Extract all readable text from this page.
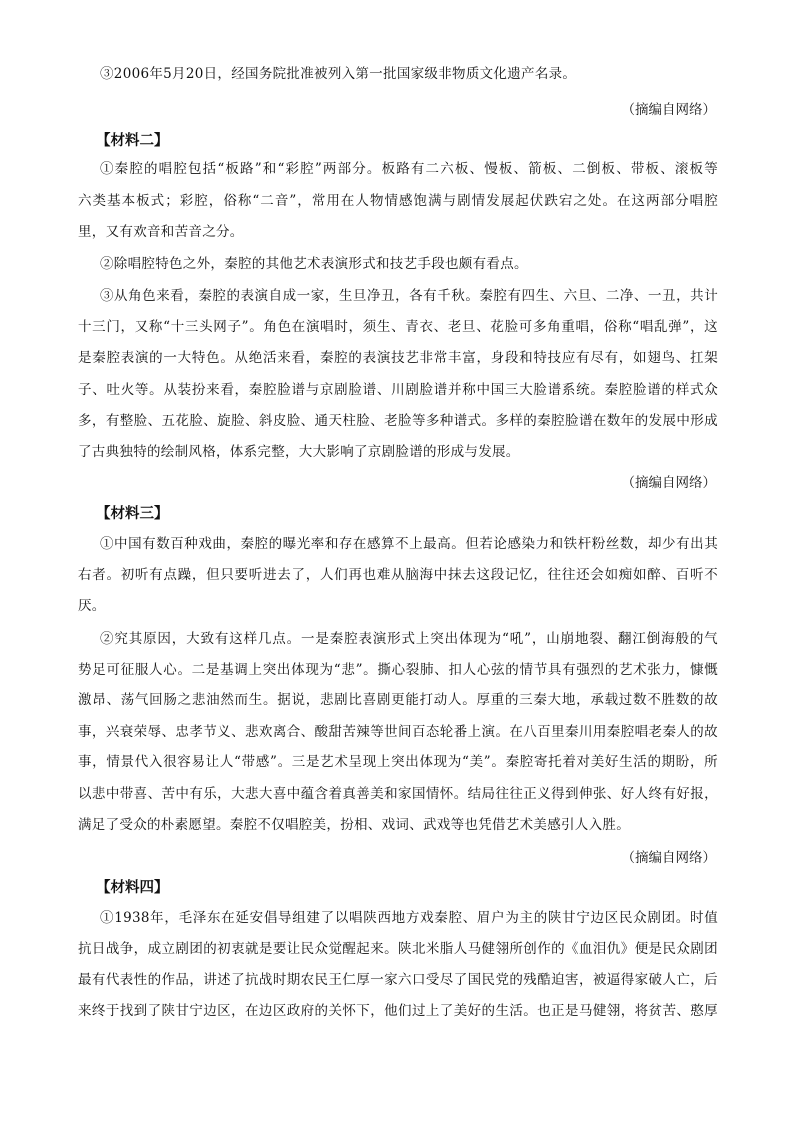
③2006年5月20日，经国务院批准被列入第一批国家级非物质文化遗产名录。
（摘编自网络）
【材料二】
①秦腔的唱腔包括“板路”和“彩腔”两部分。板路有二六板、慢板、箭板、二倒板、带板、滚板等
六类基本板式；彩腔，俗称“二音”，常用在人物情感饱满与剧情发展起伏跌宕之处。在这两部分唱腔
里，又有欢音和苦音之分。
②除唱腔特色之外，秦腔的其他艺术表演形式和技艺手段也颇有看点。
③从角色来看，秦腔的表演自成一家，生旦净丑，各有千秋。秦腔有四生、六旦、二净、一丑，共计
十三门，又称“十三头网子”。角色在演唱时，须生、青衣、老旦、花脸可多角重唱，俗称“唱乱弹”，这
是秦腔表演的一大特色。从绝活来看，秦腔的表演技艺非常丰富，身段和特技应有尽有，如翅鸟、扛架
子、吐火等。从装扮来看，秦腔脸谱与京剧脸谱、川剧脸谱并称中国三大脸谱系统。秦腔脸谱的样式众
多，有整脸、五花脸、旋脸、斜皮脸、通天柱脸、老脸等多种谱式。多样的秦腔脸谱在数年的发展中形成
了古典独特的绘制风格，体系完整，大大影响了京剧脸谱的形成与发展。
（摘编自网络）
【材料三】
①中国有数百种戏曲，秦腔的曝光率和存在感算不上最高。但若论感染力和铁杆粉丝数，却少有出其
右者。初听有点躁，但只要听进去了，人们再也难从脑海中抹去这段记忆，往往还会如痴如醉、百听不
厌。
②究其原因，大致有这样几点。一是秦腔表演形式上突出体现为“吼”，山崩地裂、翻江倒海般的气
势足可征服人心。二是基调上突出体现为“悲”。撕心裂肺、扣人心弦的情节具有强烈的艺术张力，慷慨
激昂、荡气回肠之悲油然而生。据说，悲剧比喜剧更能打动人。厚重的三秦大地，承载过数不胜数的故
事，兴衰荣辱、忠孝节义、悲欢离合、酸甜苦辣等世间百态轮番上演。在八百里秦川用秦腔唱老秦人的故
事，情景代入很容易让人“带感”。三是艺术呈现上突出体现为“美”。秦腔寄托着对美好生活的期盼，所
以悲中带喜、苦中有乐，大悲大喜中蕴含着真善美和家国情怀。结局往往正义得到伸张、好人终有好报，
满足了受众的朴素愿望。秦腔不仅唱腔美，扮相、戏词、武戏等也凭借艺术美感引人入胜。
（摘编自网络）
【材料四】
①1938年，毛泽东在延安倡导组建了以唱陕西地方戏秦腔、眉户为主的陕甘宁边区民众剧团。时值
抗日战争，成立剧团的初衷就是要让民众觉醒起来。陕北米脂人马健翎所创作的《血泪仇》便是民众剧团
最有代表性的作品，讲述了抗战时期农民王仁厚一家六口受尽了国民党的残酷迫害，被逼得家破人亡，后
来终于找到了陕甘宁边区，在边区政府的关怀下，他们过上了美好的生活。也正是马健翎，将贫苦、憨厚
